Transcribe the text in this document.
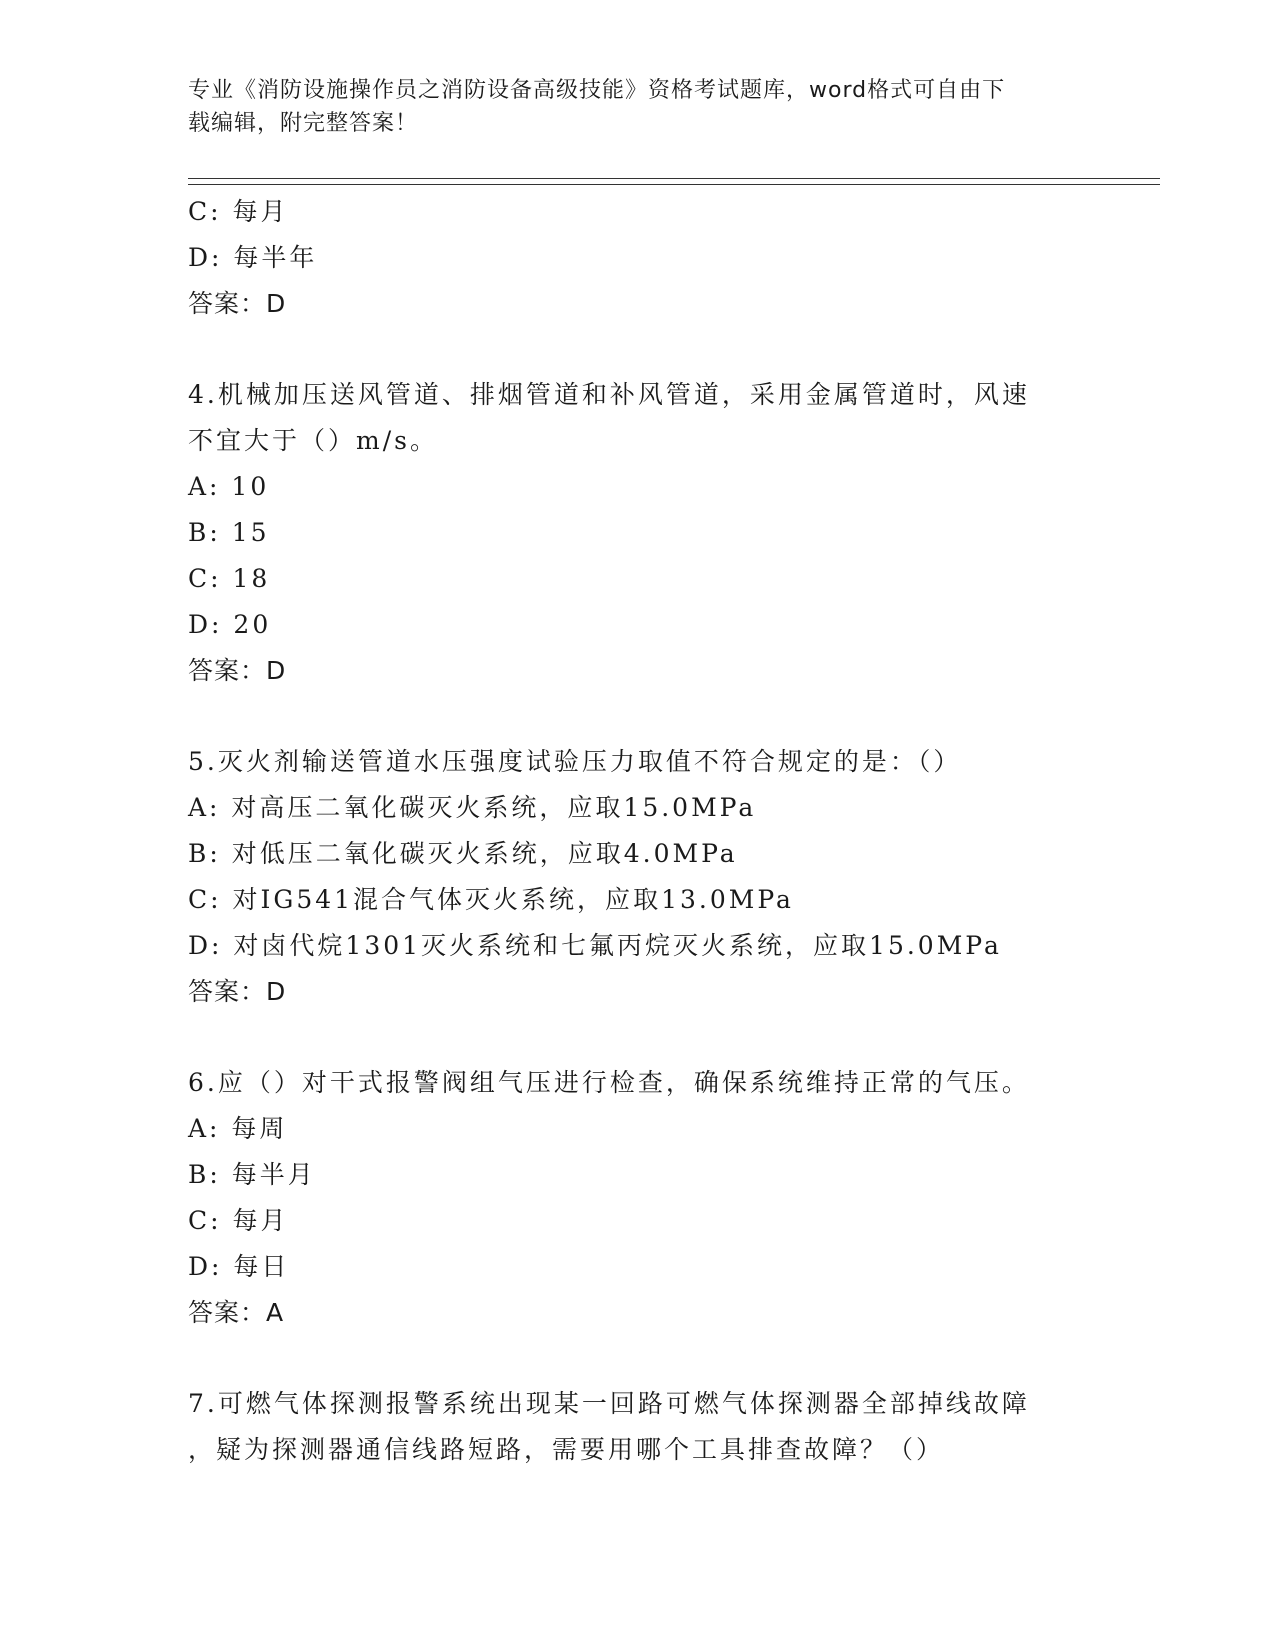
专业《消防设施操作员之消防设备高级技能》资格考试题库，word格式可自由下
载编辑，附完整答案！
C: 每月
D: 每半年
答案：D
4.机械加压送风管道、排烟管道和补风管道，采用金属管道时，风速
不宜大于（）m/s。
A: 10
B: 15
C: 18
D: 20
答案：D
5.灭火剂输送管道水压强度试验压力取值不符合规定的是：（）
A: 对高压二氧化碳灭火系统，应取15.0MPa
B: 对低压二氧化碳灭火系统，应取4.0MPa
C: 对IG541混合气体灭火系统，应取13.0MPa
D: 对卤代烷1301灭火系统和七氟丙烷灭火系统，应取15.0MPa
答案：D
6.应（）对干式报警阀组气压进行检查，确保系统维持正常的气压。
A: 每周
B: 每半月
C: 每月
D: 每日
答案：A
7.可燃气体探测报警系统出现某一回路可燃气体探测器全部掉线故障
，疑为探测器通信线路短路，需要用哪个工具排查故障？（）
